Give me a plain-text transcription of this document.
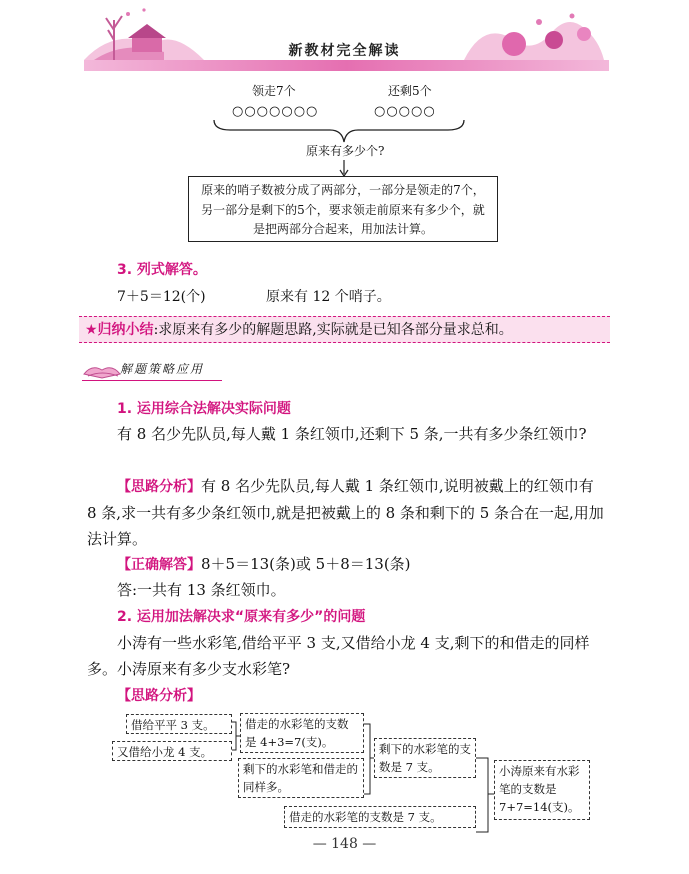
新教材完全解读
领走7个	还剩5个
○○○○○○○	○○○○○
原来有多少个?
原来的哨子数被分成了两部分，一部分是领走的7个，另一部分是剩下的5个，要求领走前原来有多少个，就是把两部分合起来，用加法计算。
3. 列式解答。
7＋5＝12(个)	原来有 12 个哨子。
★归纳小结:求原来有多少的解题思路,实际就是已知各部分量求总和。
解题策略应用
1. 运用综合法解决实际问题
有 8 名少先队员,每人戴 1 条红领巾,还剩下 5 条,一共有多少条红领巾?
【思路分析】有 8 名少先队员,每人戴 1 条红领巾,说明被戴上的红领巾有 8 条,求一共有多少条红领巾,就是把被戴上的 8 条和剩下的 5 条合在一起,用加法计算。
【正确解答】8＋5＝13(条)或 5＋8＝13(条)
答:一共有 13 条红领巾。
2. 运用加法解决求“原来有多少”的问题
小涛有一些水彩笔,借给平平 3 支,又借给小龙 4 支,剩下的和借走的同样多。小涛原来有多少支水彩笔?
【思路分析】
借给平平 3 支。
又借给小龙 4 支。
借走的水彩笔的支数是 4+3=7(支)。
剩下的水彩笔和借走的同样多。
剩下的水彩笔的支数是 7 支。
借走的水彩笔的支数是 7 支。
小涛原来有水彩笔的支数是 7+7=14(支)。
— 148 —
